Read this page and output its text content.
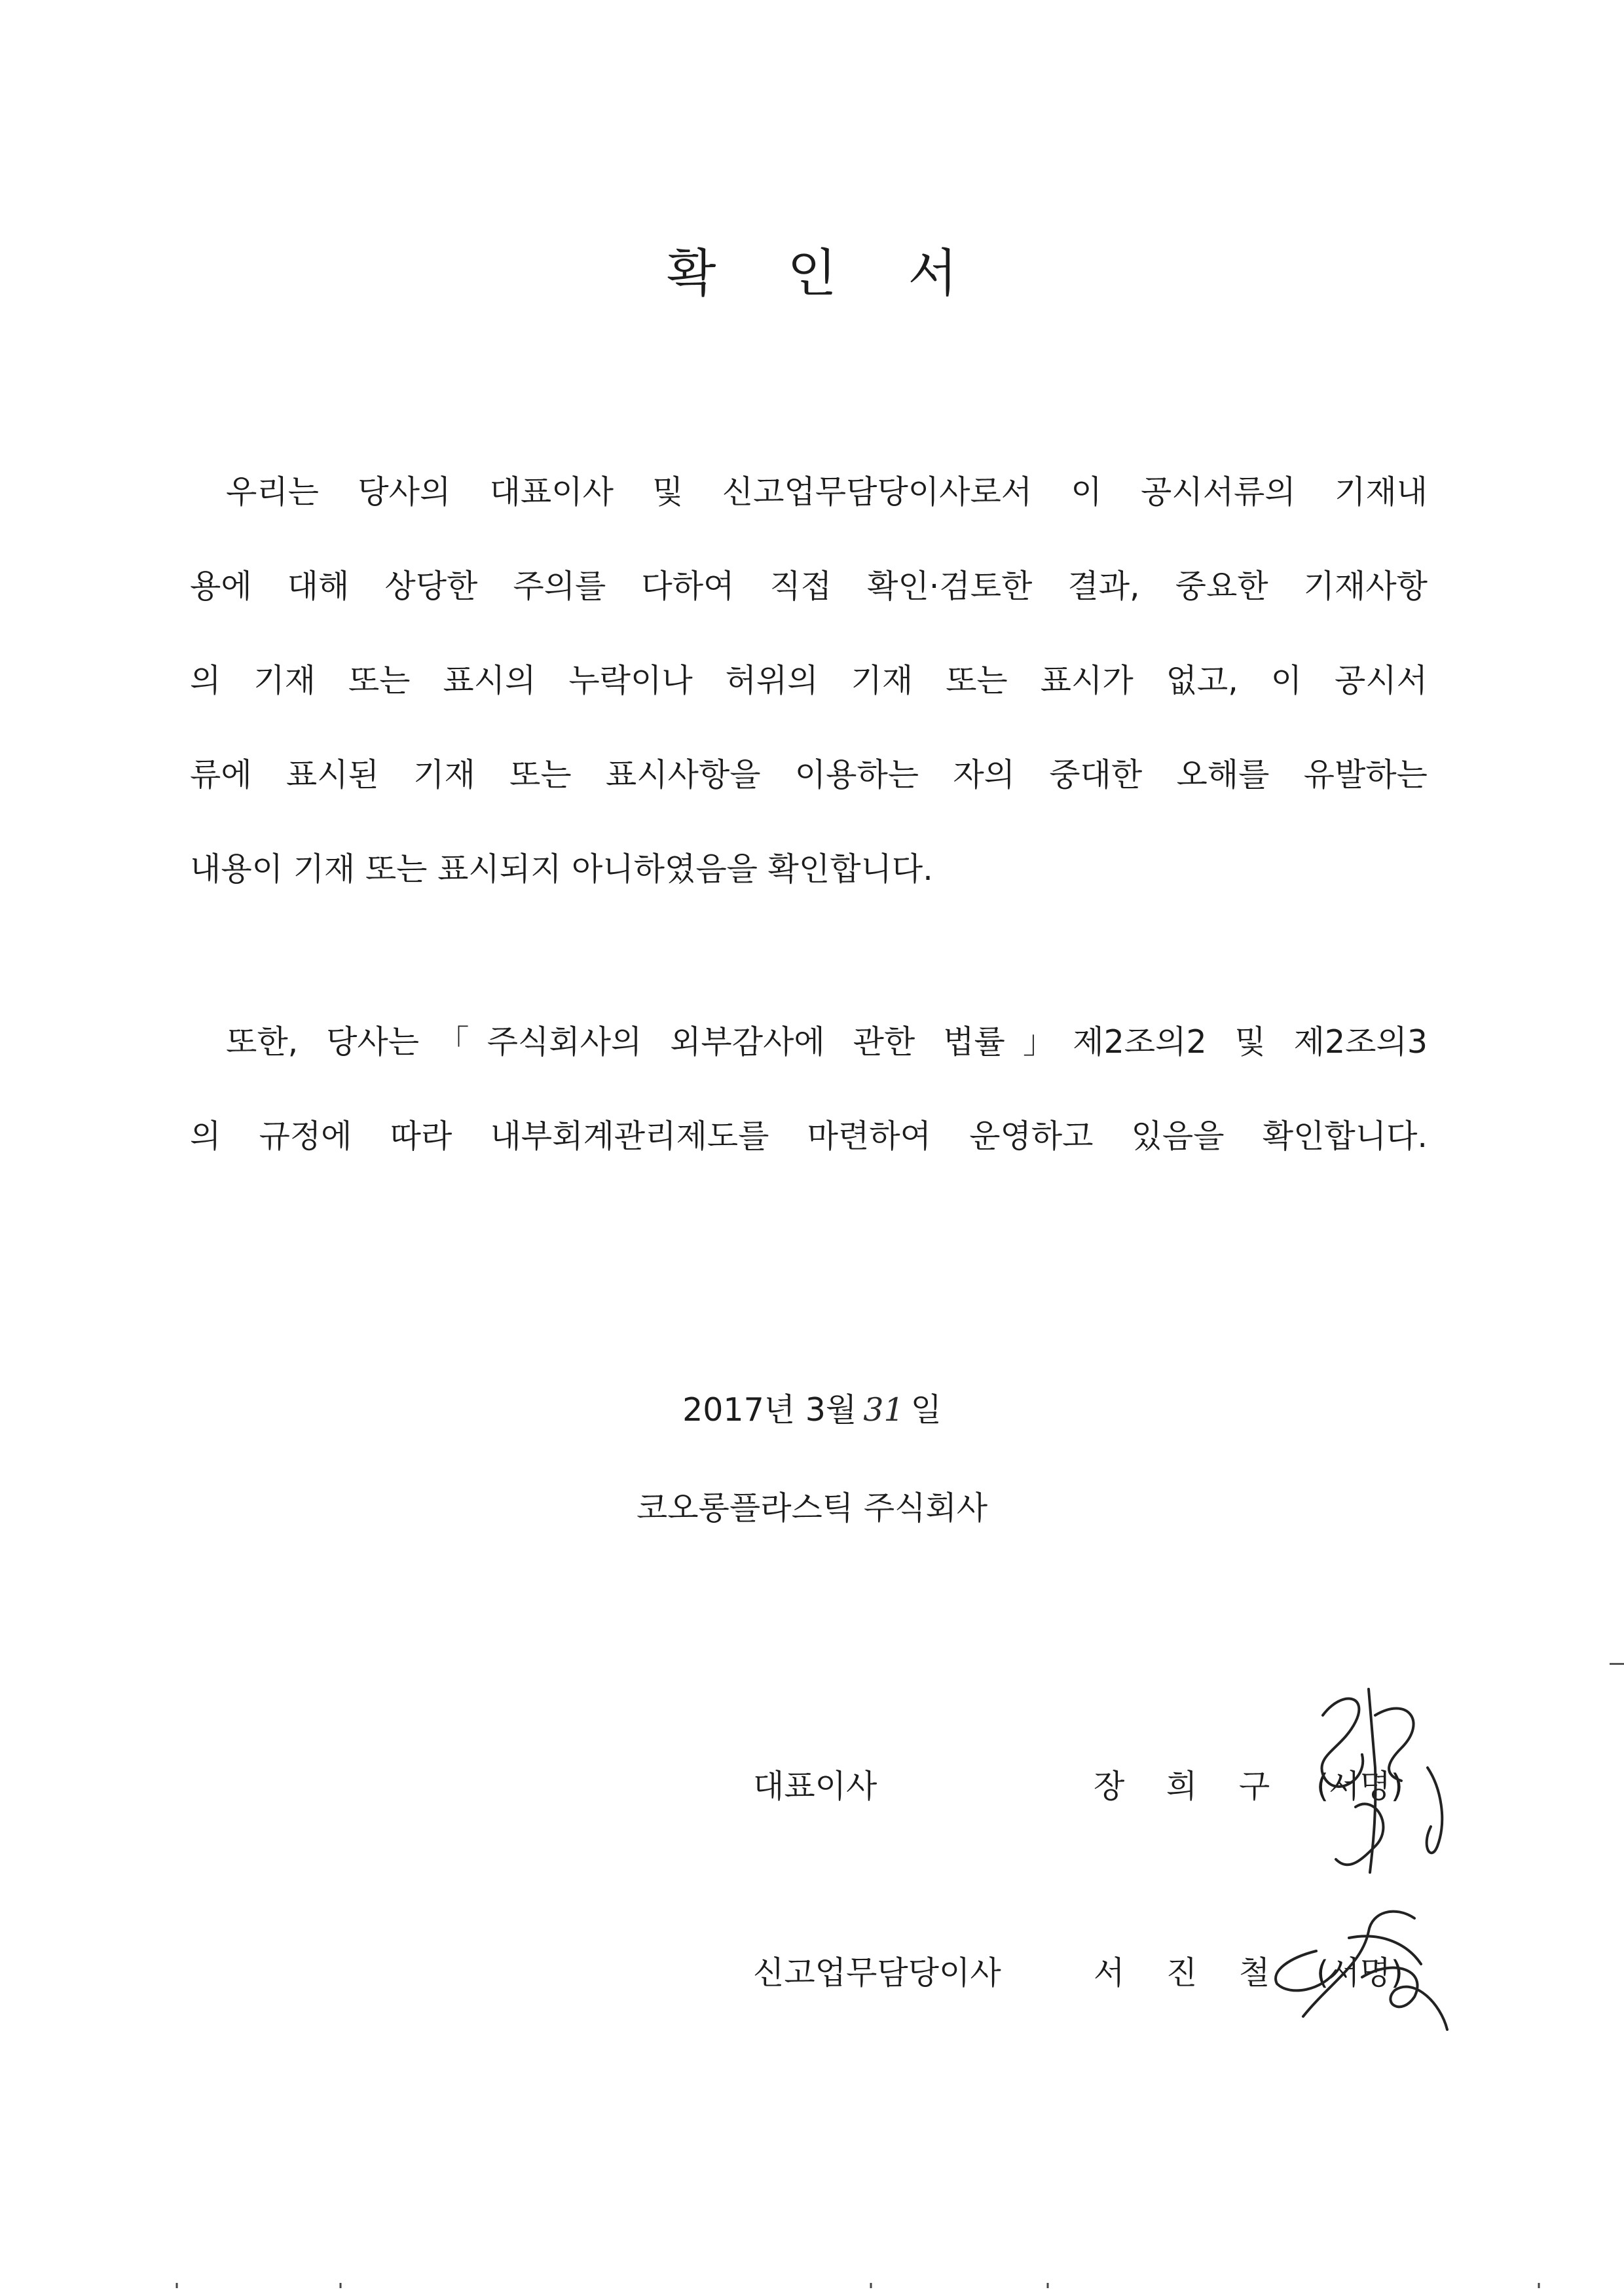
확 인 서
우리는 당사의 대표이사 및 신고업무담당이사로서 이 공시서류의 기재내
용에 대해 상당한 주의를 다하여 직접 확인·검토한 결과, 중요한 기재사항
의 기재 또는 표시의 누락이나 허위의 기재 또는 표시가 없고, 이 공시서
류에 표시된 기재 또는 표시사항을 이용하는 자의 중대한 오해를 유발하는
내용이 기재 또는 표시되지 아니하였음을 확인합니다.
또한, 당사는「주식회사의 외부감사에 관한 법률」제2조의2 및 제2조의3
의 규정에 따라 내부회계관리제도를 마련하여 운영하고 있음을 확인합니다.
2017년 3월 31 일
코오롱플라스틱 주식회사
대표이사	장 희 구 (서명)
신고업무담당이사	서 진 철 (서명)
